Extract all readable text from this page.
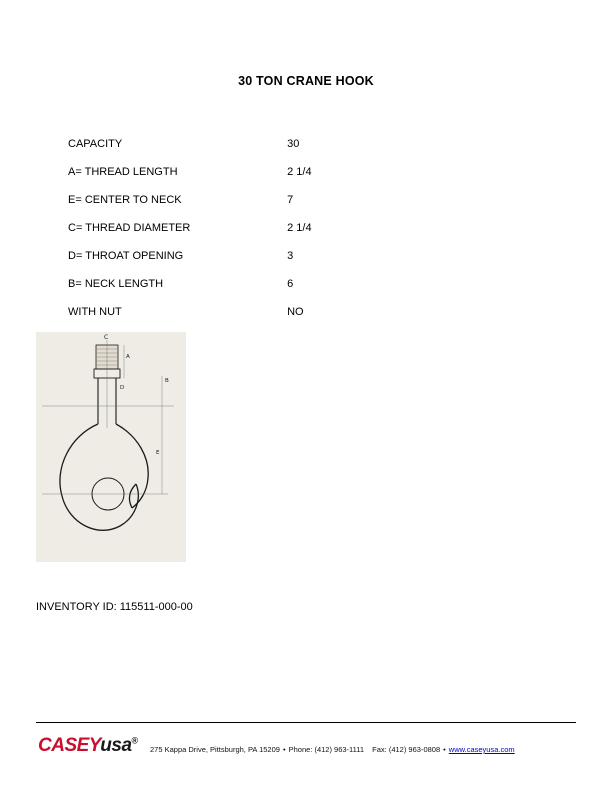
30 TON CRANE HOOK
CAPACITY	30
A= THREAD LENGTH	2 1/4
E= CENTER TO NECK	7
C= THREAD DIAMETER	2 1/4
D= THROAT OPENING	3
B= NECK LENGTH	6
WITH NUT	NO
C
A
D
B
E
INVENTORY ID: 115511-000-00
CASEYusa®
275 Kappa Drive, Pittsburgh, PA 15209 • Phone: (412) 963-1111 Fax: (412) 963-0808 • www.caseyusa.com
